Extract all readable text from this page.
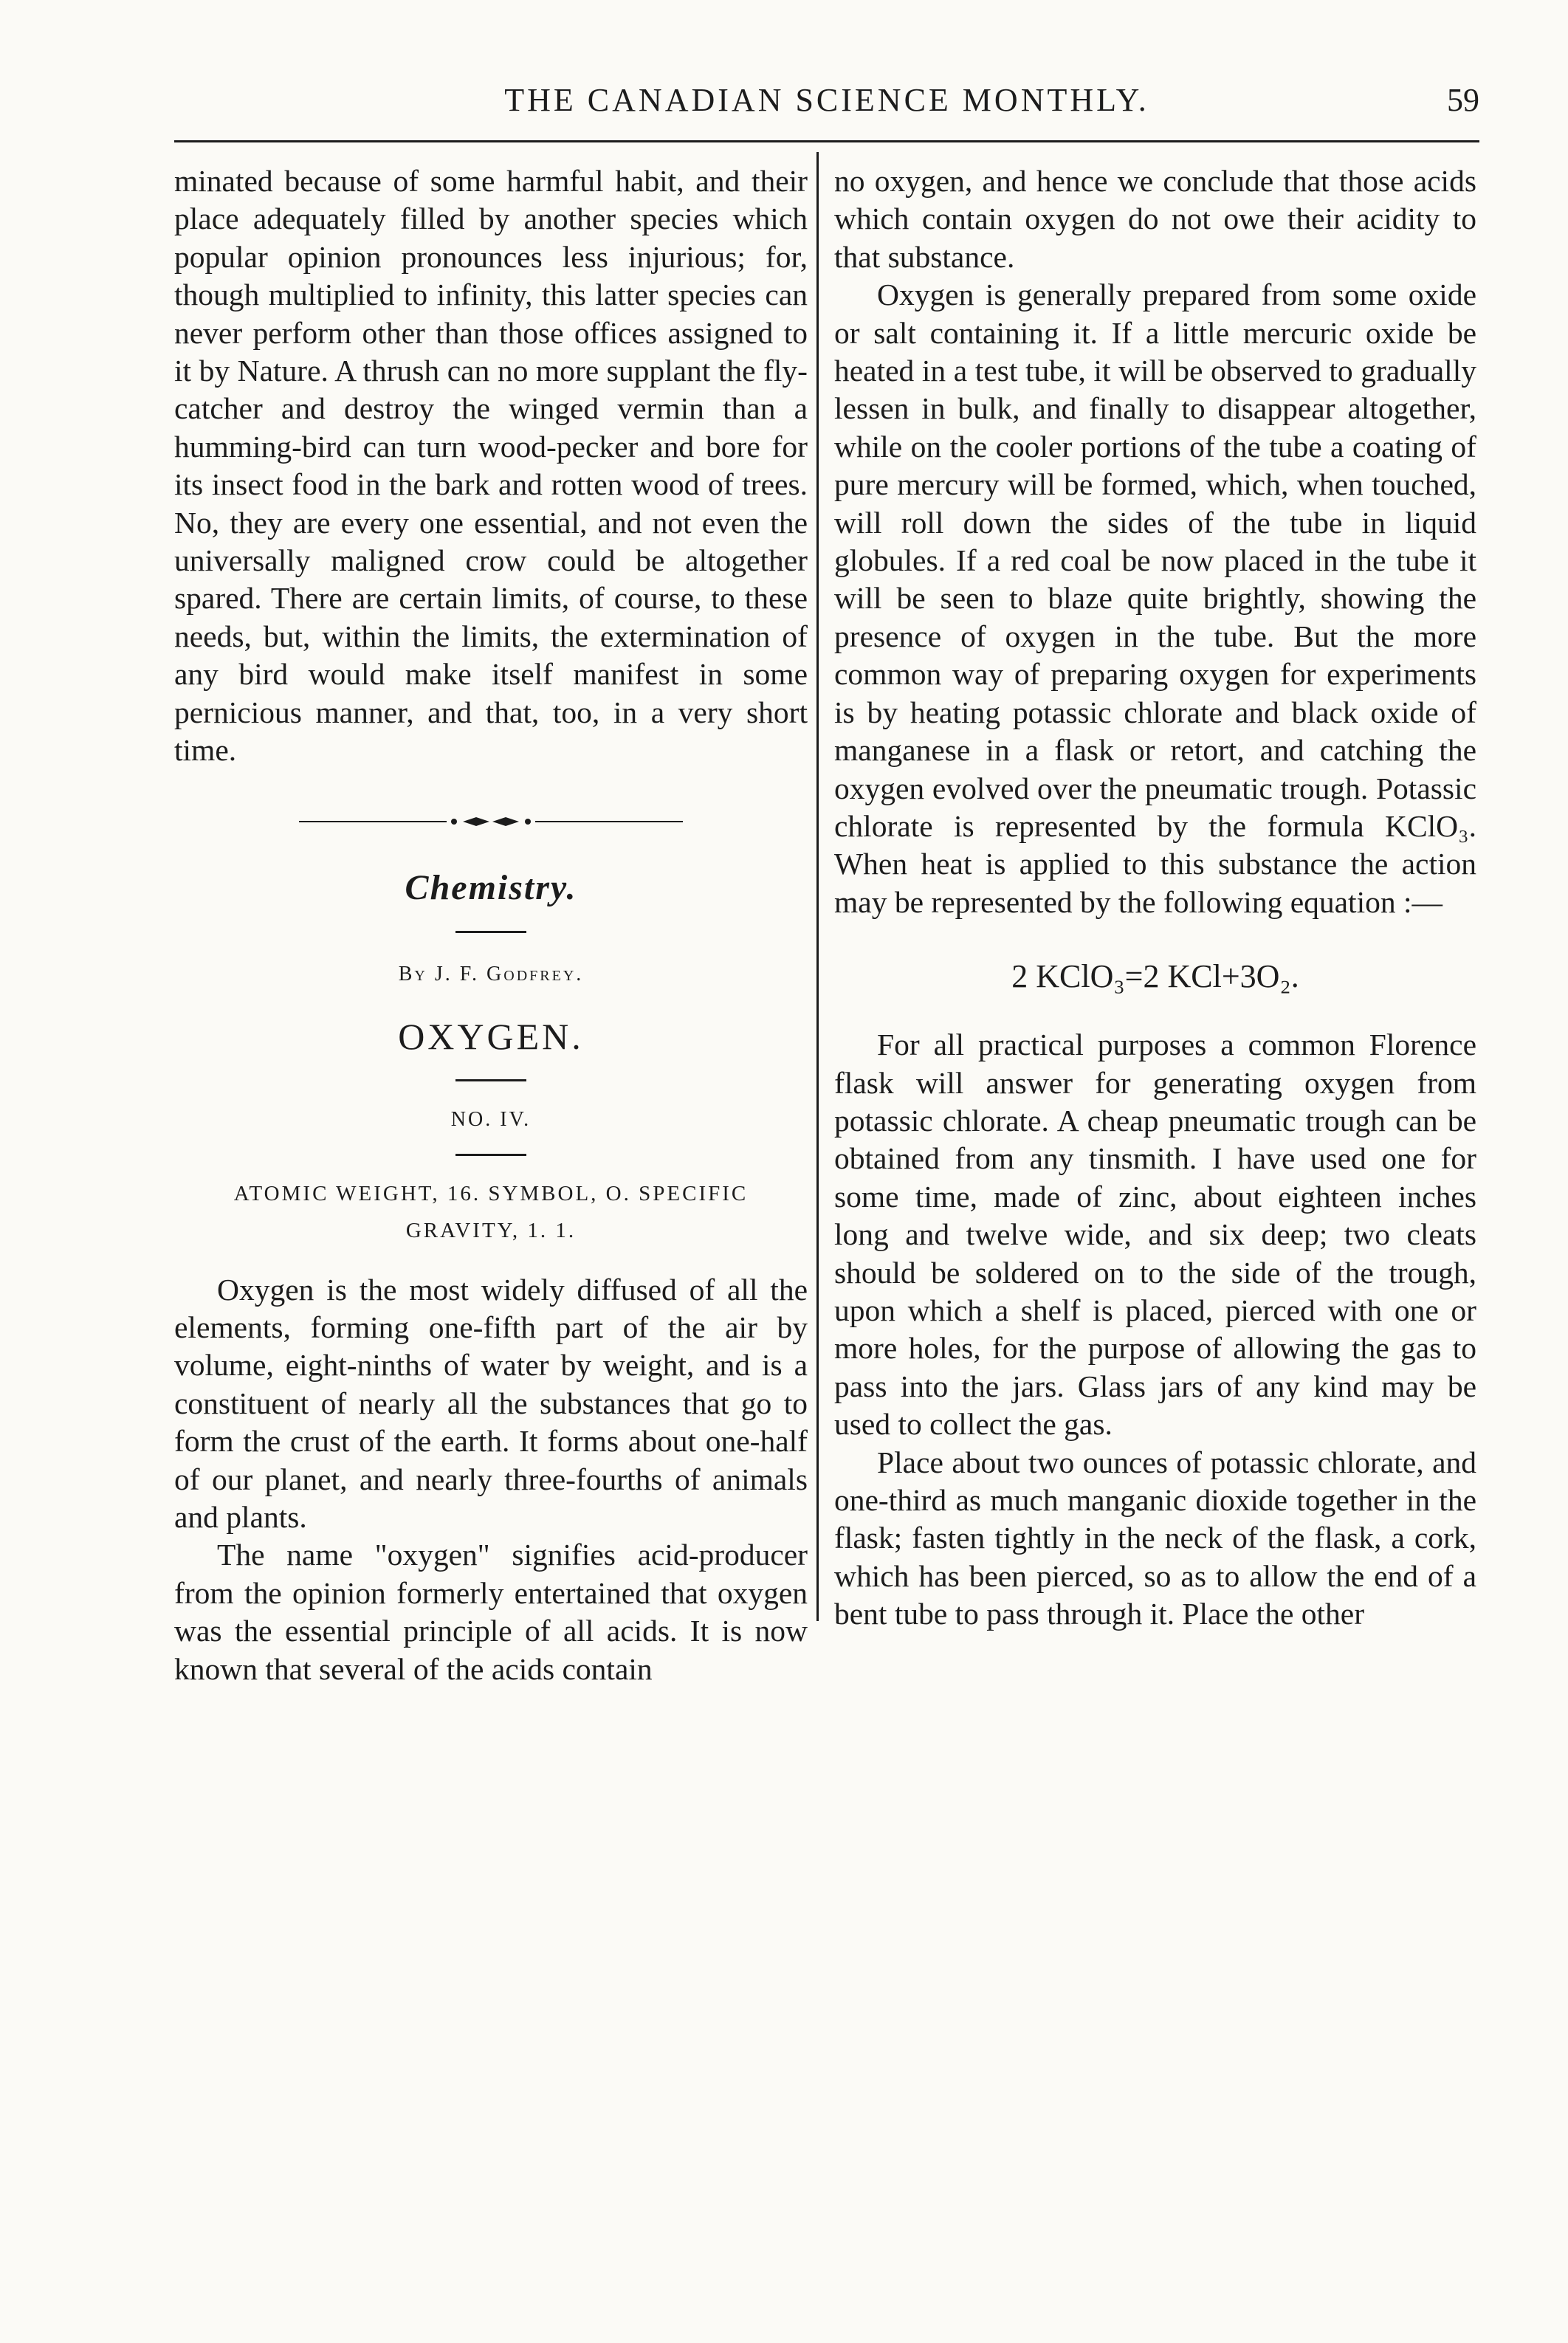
THE CANADIAN SCIENCE MONTHLY.	59

minated because of some harmful habit, and their place adequately filled by another species which popular opinion pronounces less injurious; for, though multiplied to infinity, this latter species can never perform other than those offices assigned to it by Nature. A thrush can no more supplant the fly-catcher and destroy the winged vermin than a humming-bird can turn wood-pecker and bore for its insect food in the bark and rotten wood of trees. No, they are every one essential, and not even the universally maligned crow could be altogether spared. There are certain limits, of course, to these needs, but, within the limits, the extermination of any bird would make itself manifest in some pernicious manner, and that, too, in a very short time.

Chemistry.
By J. F. Godfrey.
OXYGEN.
NO. IV.
ATOMIC WEIGHT, 16. SYMBOL, O. SPECIFIC GRAVITY, 1. 1.

Oxygen is the most widely diffused of all the elements, forming one-fifth part of the air by volume, eight-ninths of water by weight, and is a constituent of nearly all the substances that go to form the crust of the earth. It forms about one-half of our planet, and nearly three-fourths of animals and plants.

The name "oxygen" signifies acid-producer from the opinion formerly entertained that oxygen was the essential principle of all acids. It is now known that several of the acids contain

no oxygen, and hence we conclude that those acids which contain oxygen do not owe their acidity to that substance.

Oxygen is generally prepared from some oxide or salt containing it. If a little mercuric oxide be heated in a test tube, it will be observed to gradually lessen in bulk, and finally to disappear altogether, while on the cooler portions of the tube a coating of pure mercury will be formed, which, when touched, will roll down the sides of the tube in liquid globules. If a red coal be now placed in the tube it will be seen to blaze quite brightly, showing the presence of oxygen in the tube. But the more common way of preparing oxygen for experiments is by heating potassic chlorate and black oxide of manganese in a flask or retort, and catching the oxygen evolved over the pneumatic trough. Potassic chlorate is represented by the formula KClO₃. When heat is applied to this substance the action may be represented by the following equation :—

2 KClO₃=2 KCl+3O₂.

For all practical purposes a common Florence flask will answer for generating oxygen from potassic chlorate. A cheap pneumatic trough can be obtained from any tinsmith. I have used one for some time, made of zinc, about eighteen inches long and twelve wide, and six deep; two cleats should be soldered on to the side of the trough, upon which a shelf is placed, pierced with one or more holes, for the purpose of allowing the gas to pass into the jars. Glass jars of any kind may be used to collect the gas.

Place about two ounces of potassic chlorate, and one-third as much manganic dioxide together in the flask; fasten tightly in the neck of the flask, a cork, which has been pierced, so as to allow the end of a bent tube to pass through it. Place the other
